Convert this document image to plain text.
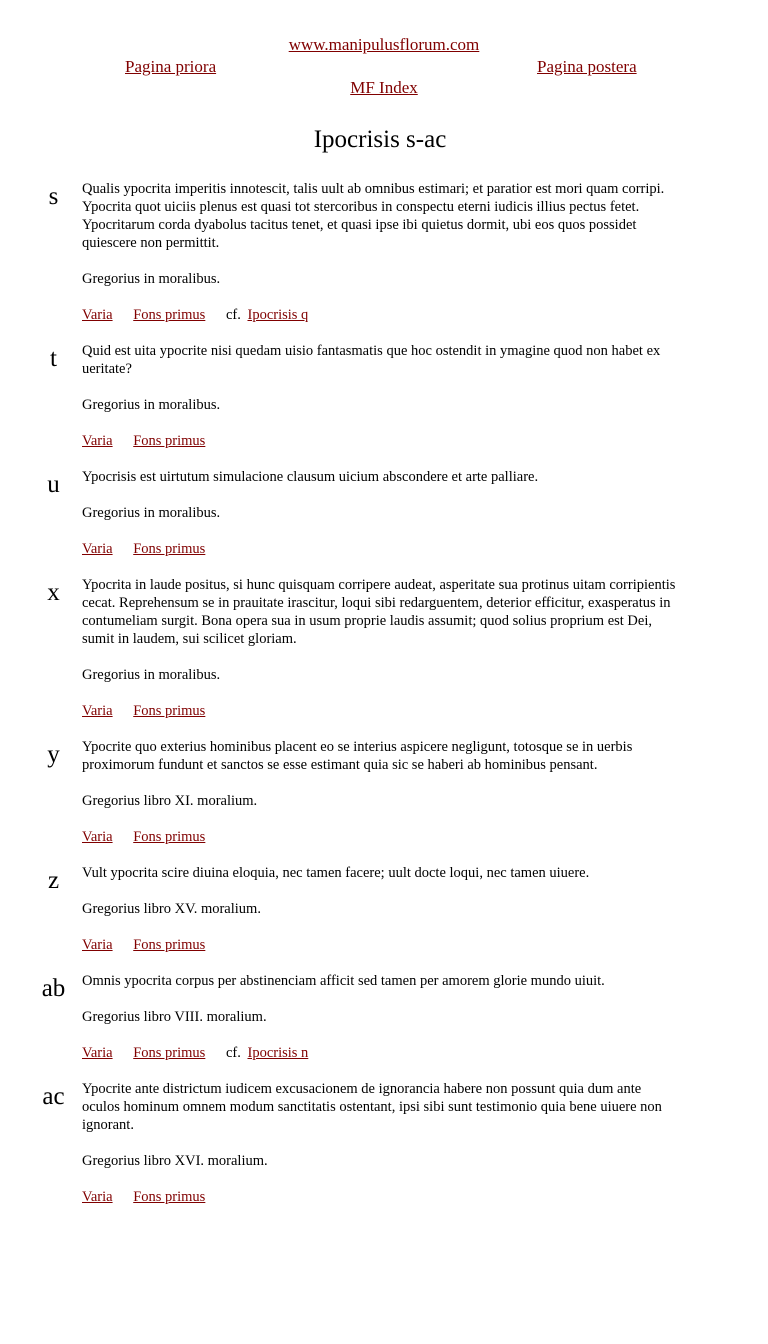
www.manipulusflorum.com
Pagina priora	Pagina postera
MF Index
Ipocrisis s-ac
s	Qualis ypocrita imperitis innotescit, talis uult ab omnibus estimari; et paratior est mori quam corripi. Ypocrita quot uiciis plenus est quasi tot stercoribus in conspectu eterni iudicis illius pectus fetet. Ypocritarum corda dyabolus tacitus tenet, et quasi ipse ibi quietus dormit, ubi eos quos possidet quiescere non permittit.

Gregorius in moralibus.

Varia Fons primus cf. Ipocrisis q

t	Quid est uita ypocrite nisi quedam uisio fantasmatis que hoc ostendit in ymagine quod non habet ex ueritate?

Gregorius in moralibus.

Varia Fons primus

u	Ypocrisis est uirtutum simulacione clausum uicium abscondere et arte palliare.

Gregorius in moralibus.

Varia Fons primus

x	Ypocrita in laude positus, si hunc quisquam corripere audeat, asperitate sua protinus uitam corripientis cecat. Reprehensum se in prauitate irascitur, loqui sibi redarguentem, deterior efficitur, exasperatus in contumeliam surgit. Bona opera sua in usum proprie laudis assumit; quod solius proprium est Dei, sumit in laudem, sui scilicet gloriam.

Gregorius in moralibus.

Varia Fons primus

y	Ypocrite quo exterius hominibus placent eo se interius aspicere negligunt, totosque se in uerbis proximorum fundunt et sanctos se esse estimant quia sic se haberi ab hominibus pensant.

Gregorius libro XI. moralium.

Varia Fons primus

z	Vult ypocrita scire diuina eloquia, nec tamen facere; uult docte loqui, nec tamen uiuere.

Gregorius libro XV. moralium.

Varia Fons primus

ab	Omnis ypocrita corpus per abstinenciam afficit sed tamen per amorem glorie mundo uiuit.

Gregorius libro VIII. moralium.

Varia Fons primus cf. Ipocrisis n

ac	Ypocrite ante districtum iudicem excusacionem de ignorancia habere non possunt quia dum ante oculos hominum omnem modum sanctitatis ostentant, ipsi sibi sunt testimonio quia bene uiuere non ignorant.

Gregorius libro XVI. moralium.

Varia Fons primus
